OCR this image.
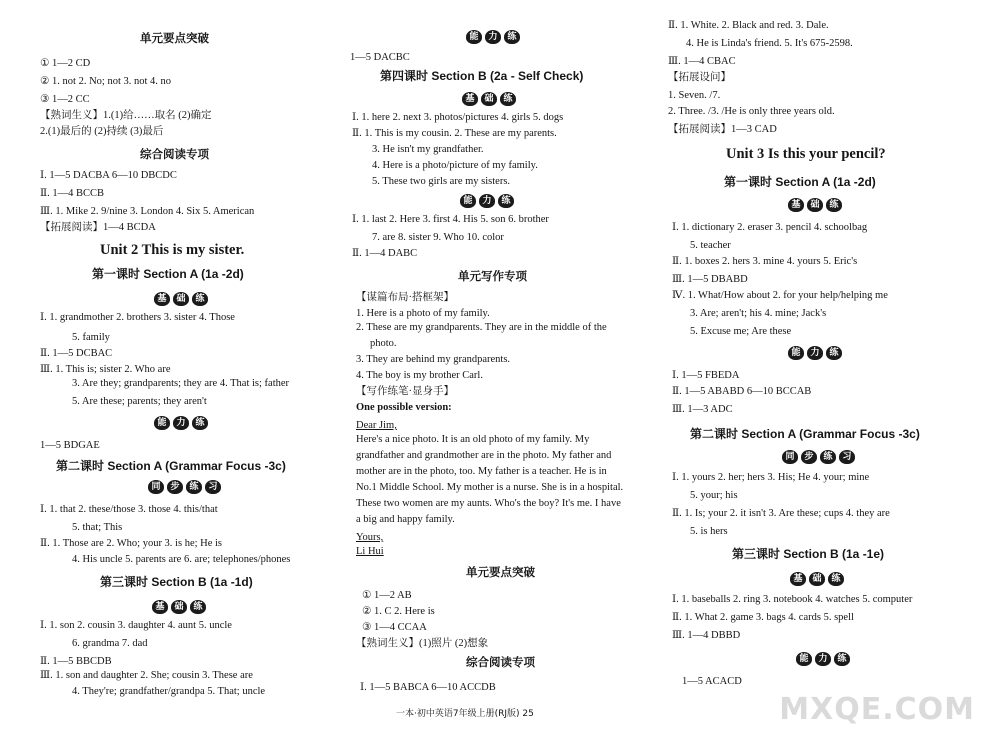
单元要点突破
① 1—2 CD
② 1. not 2. No; not 3. not 4. no
③ 1—2 CC
【熟词生义】1.(1)给……取名 (2)确定
2.(1)最后的 (2)持续 (3)最后
综合阅读专项
Ⅰ. 1—5 DACBA 6—10 DBCDC
Ⅱ. 1—4 BCCB
Ⅲ. 1. Mike 2. 9/nine 3. London 4. Six 5. American
【拓展阅读】1—4 BCDA
Unit 2 This is my sister.
第一课时 Section A (1a -2d)
Ⅰ. 1. grandmother 2. brothers 3. sister 4. Those
5. family
Ⅱ. 1—5 DCBAC
Ⅲ. 1. This is; sister 2. Who are
3. Are they; grandparents; they are 4. That is; father
5. Are these; parents; they aren't
1—5 BDGAE
第二课时 Section A (Grammar Focus -3c)
Ⅰ. 1. that 2. these/those 3. those 4. this/that
5. that; This
Ⅱ. 1. Those are 2. Who; your 3. is he; He is
4. His uncle 5. parents are 6. are; telephones/phones
第三课时 Section B (1a -1d)
Ⅰ. 1. son 2. cousin 3. daughter 4. aunt 5. uncle
6. grandma 7. dad
Ⅱ. 1—5 BBCDB
Ⅲ. 1. son and daughter 2. She; cousin 3. These are
4. They're; grandfather/grandpa 5. That; uncle
1—5 DACBC
第四课时 Section B (2a - Self Check)
Ⅰ. 1. here 2. next 3. photos/pictures 4. girls 5. dogs
Ⅱ. 1. This is my cousin. 2. These are my parents.
3. He isn't my grandfather.
4. Here is a photo/picture of my family.
5. These two girls are my sisters.
Ⅰ. 1. last 2. Here 3. first 4. His 5. son 6. brother
7. are 8. sister 9. Who 10. color
Ⅱ. 1—4 DABC
单元写作专项
【谋篇布局·搭框架】
1. Here is a photo of my family.
2. These are my grandparents. They are in the middle of the
photo.
3. They are behind my grandparents.
4. The boy is my brother Carl.
【写作练笔·显身手】
One possible version:
Dear Jim,
Here's a nice photo. It is an old photo of my family. My
grandfather and grandmother are in the photo. My father and
mother are in the photo, too. My father is a teacher. He is in
No.1 Middle School. My mother is a nurse. She is in a hospital.
These two women are my aunts. Who's the boy? It's me. I have
a big and happy family.
Yours,
Li Hui
单元要点突破
① 1—2 AB
② 1. C 2. Here is
③ 1—4 CCAA
【熟词生义】(1)照片 (2)想象
综合阅读专项
Ⅰ. 1—5 BABCA 6—10 ACCDB
Ⅱ. 1. White. 2. Black and red. 3. Dale.
4. He is Linda's friend. 5. It's 675-2598.
Ⅲ. 1—4 CBAC
【拓展设问】
1. Seven. /7.
2. Three. /3. /He is only three years old.
【拓展阅读】1—3 CAD
Unit 3 Is this your pencil?
第一课时 Section A (1a -2d)
Ⅰ. 1. dictionary 2. eraser 3. pencil 4. schoolbag
5. teacher
Ⅱ. 1. boxes 2. hers 3. mine 4. yours 5. Eric's
Ⅲ. 1—5 DBABD
Ⅳ. 1. What/How about 2. for your help/helping me
3. Are; aren't; his 4. mine; Jack's
5. Excuse me; Are these
Ⅰ. 1—5 FBEDA
Ⅱ. 1—5 ABABD 6—10 BCCAB
Ⅲ. 1—3 ADC
第二课时 Section A (Grammar Focus -3c)
Ⅰ. 1. yours 2. her; hers 3. His; He 4. your; mine
5. your; his
Ⅱ. 1. Is; your 2. it isn't 3. Are these; cups 4. they are
5. is hers
第三课时 Section B (1a -1e)
Ⅰ. 1. baseballs 2. ring 3. notebook 4. watches 5. computer
Ⅱ. 1. What 2. game 3. bags 4. cards 5. spell
Ⅲ. 1—4 DBBD
1—5 ACACD
能	力	练
基	础	练
能	力	练
基	础	练
能	力	练
同	步	练	习
基	础	练
基	础	练
能	力	练
同	步	练	习
基	础	练
能	力	练
一本·初中英语7年级上册(RJ版) 25	MXQE.COM
